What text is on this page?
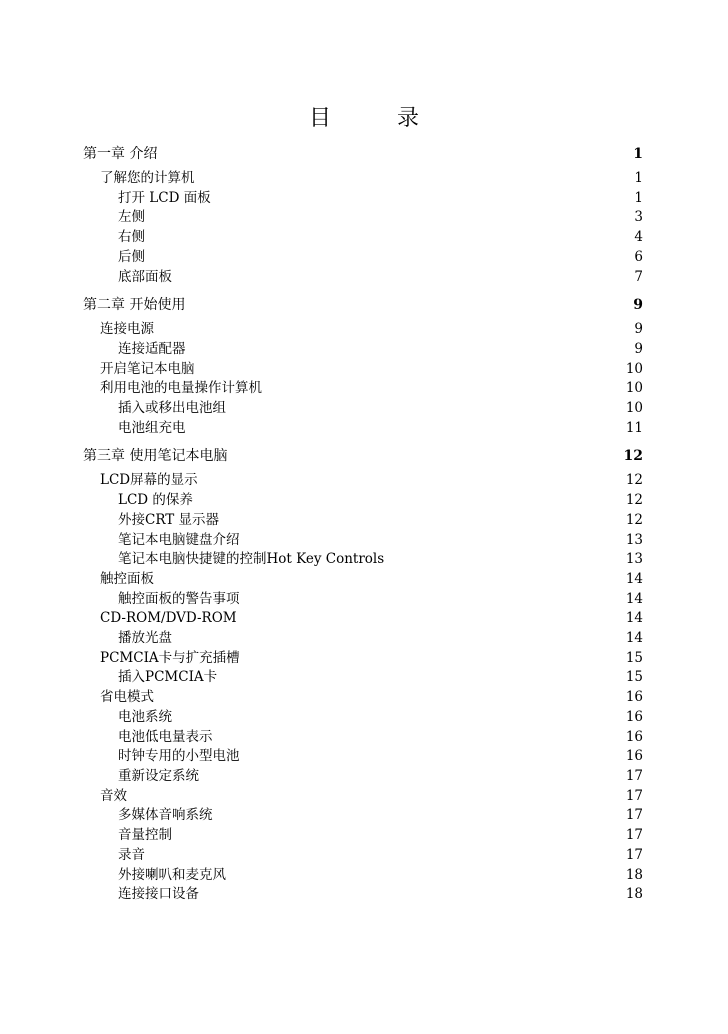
目　录
第一章 介绍	1
了解您的计算机	1
打开 LCD 面板	1
左侧	3
右侧	4
后侧	6
底部面板	7
第二章 开始使用	9
连接电源	9
连接适配器	9
开启笔记本电脑	10
利用电池的电量操作计算机	10
插入或移出电池组	10
电池组充电	11
第三章 使用笔记本电脑	12
LCD屏幕的显示	12
LCD 的保养	12
外接CRT 显示器	12
笔记本电脑键盘介绍	13
笔记本电脑快捷键的控制Hot Key Controls	13
触控面板	14
触控面板的警告事项	14
CD-ROM/DVD-ROM	14
播放光盘	14
PCMCIA卡与扩充插槽	15
插入PCMCIA卡	15
省电模式	16
电池系统	16
电池低电量表示	16
时钟专用的小型电池	16
重新设定系统	17
音效	17
多媒体音响系统	17
音量控制	17
录音	17
外接喇叭和麦克风	18
连接接口设备	18
